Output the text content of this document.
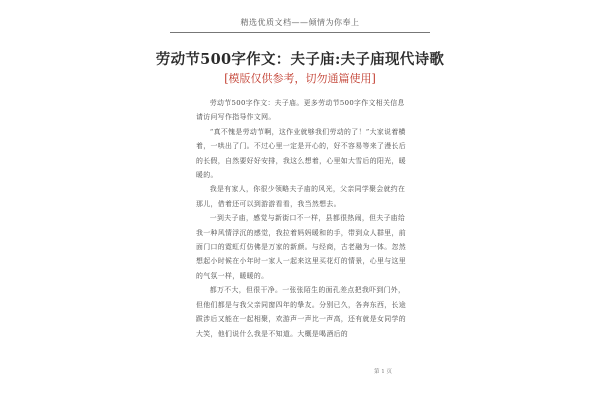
精选优质文档——倾情为你奉上
劳动节500字作文：夫子庙:夫子庙现代诗歌
[模版仅供参考，切勿通篇使用]

劳动节500字作文：夫子庙。更多劳动节500字作文相关信息请访问写作指导作文网。

“真不愧是劳动节啊，这作业就够我们劳动的了！”大家说着横着，一哄出了门。不过心里一定是开心的，好不容易等来了漫长后的长假，自然要好好安排，我这么想着，心里如大雪后的阳光，暖暖的。

我是有家人，你很少领略夫子庙的风光，父亲同学聚会就约在那儿，借着还可以到游游看看，我当然想去。

一到夫子庙，感觉与新街口不一样，县都很热闹，但夫子庙给我一种风情浮沉的感觉，我拉着妈妈暖和的手，带到众人群里，前面门口的霓虹灯仿佛是万家的新颜。与经商，古老融为一体。忽然想起小时候在小年时一家人一起来这里买花灯的情景，心里与这里的气氛一样，暖暖的。

都万不大，但很干净。一张张陌生的面孔差点把我吓到门外，但他们都是与我父亲同窗四年的挚友。分别已久，各奔东西，长途跋涉后又能在一起相聚，欢游声一声比一声高，还有就是女同学的大笑，他们说什么我是不知道。大概是喝酒后的

第 1 页
